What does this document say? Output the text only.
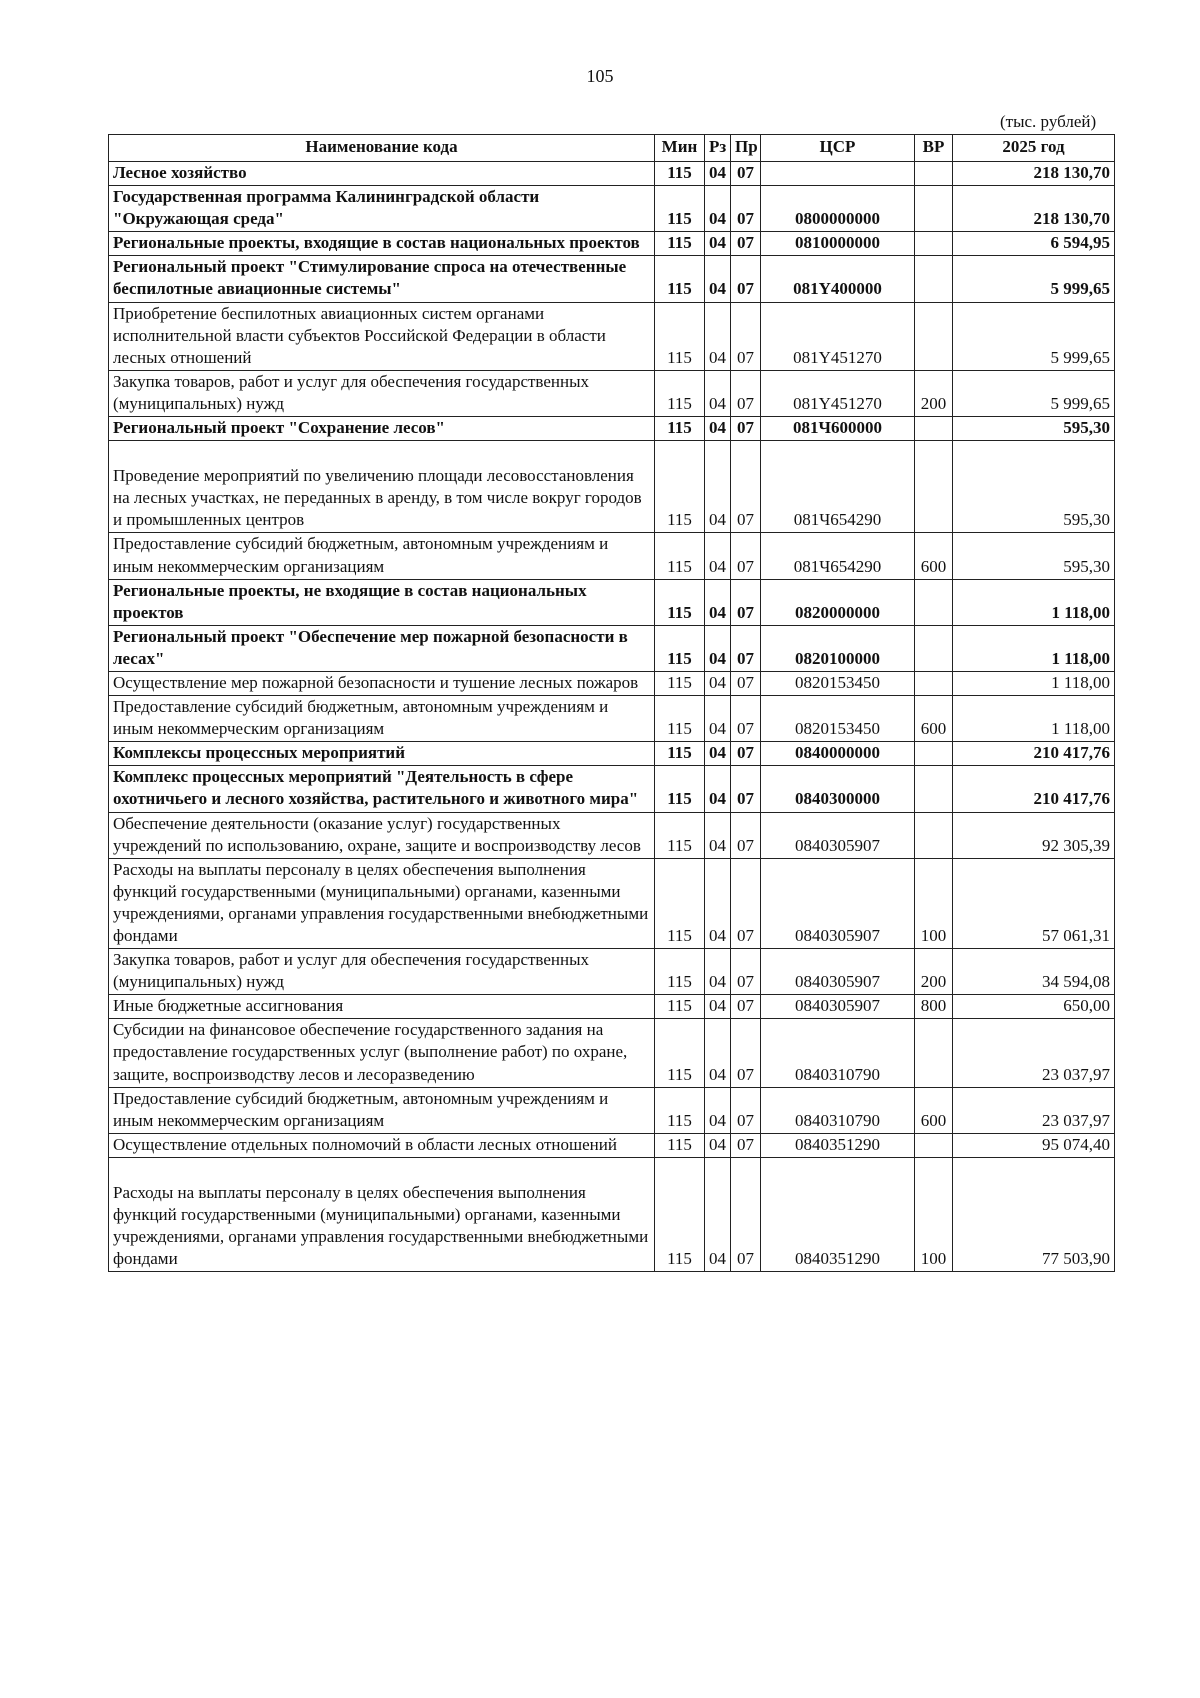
105
(тыс. рублей)
Наименование кода	Мин	Рз	Пр	ЦСР	ВР	2025 год
Лесное хозяйство	115	04	07			218 130,70
Государственная программа Калининградской области "Окружающая среда"	115	04	07	0800000000		218 130,70
Региональные проекты, входящие в состав национальных проектов	115	04	07	0810000000		6 594,95
Региональный проект "Стимулирование спроса на отечественные беспилотные авиационные системы"	115	04	07	081Y400000		5 999,65
Приобретение беспилотных авиационных систем органами исполнительной власти субъектов Российской Федерации в области лесных отношений	115	04	07	081Y451270		5 999,65
Закупка товаров, работ и услуг для обеспечения государственных (муниципальных) нужд	115	04	07	081Y451270	200	5 999,65
Региональный проект "Сохранение лесов"	115	04	07	081Ч600000		595,30
Проведение мероприятий по увеличению площади лесовосстановления на лесных участках, не переданных в аренду, в том числе вокруг городов и промышленных центров	115	04	07	081Ч654290		595,30
Предоставление субсидий бюджетным, автономным учреждениям и иным некоммерческим организациям	115	04	07	081Ч654290	600	595,30
Региональные проекты, не входящие в состав национальных проектов	115	04	07	0820000000		1 118,00
Региональный проект "Обеспечение мер пожарной безопасности в лесах"	115	04	07	0820100000		1 118,00
Осуществление мер пожарной безопасности и тушение лесных пожаров	115	04	07	0820153450		1 118,00
Предоставление субсидий бюджетным, автономным учреждениям и иным некоммерческим организациям	115	04	07	0820153450	600	1 118,00
Комплексы процессных мероприятий	115	04	07	0840000000		210 417,76
Комплекс процессных мероприятий "Деятельность в сфере охотничьего и лесного хозяйства, растительного и животного мира"	115	04	07	0840300000		210 417,76
Обеспечение деятельности (оказание услуг) государственных учреждений по использованию, охране, защите и воспроизводству лесов	115	04	07	0840305907		92 305,39
Расходы на выплаты персоналу в целях обеспечения выполнения функций государственными (муниципальными) органами, казенными учреждениями, органами управления государственными внебюджетными фондами	115	04	07	0840305907	100	57 061,31
Закупка товаров, работ и услуг для обеспечения государственных (муниципальных) нужд	115	04	07	0840305907	200	34 594,08
Иные бюджетные ассигнования	115	04	07	0840305907	800	650,00
Субсидии на финансовое обеспечение государственного задания на предоставление государственных услуг (выполнение работ) по охране, защите, воспроизводству лесов и лесоразведению	115	04	07	0840310790		23 037,97
Предоставление субсидий бюджетным, автономным учреждениям и иным некоммерческим организациям	115	04	07	0840310790	600	23 037,97
Осуществление отдельных полномочий в области лесных отношений	115	04	07	0840351290		95 074,40
Расходы на выплаты персоналу в целях обеспечения выполнения функций государственными (муниципальными) органами, казенными учреждениями, органами управления государственными внебюджетными фондами	115	04	07	0840351290	100	77 503,90
